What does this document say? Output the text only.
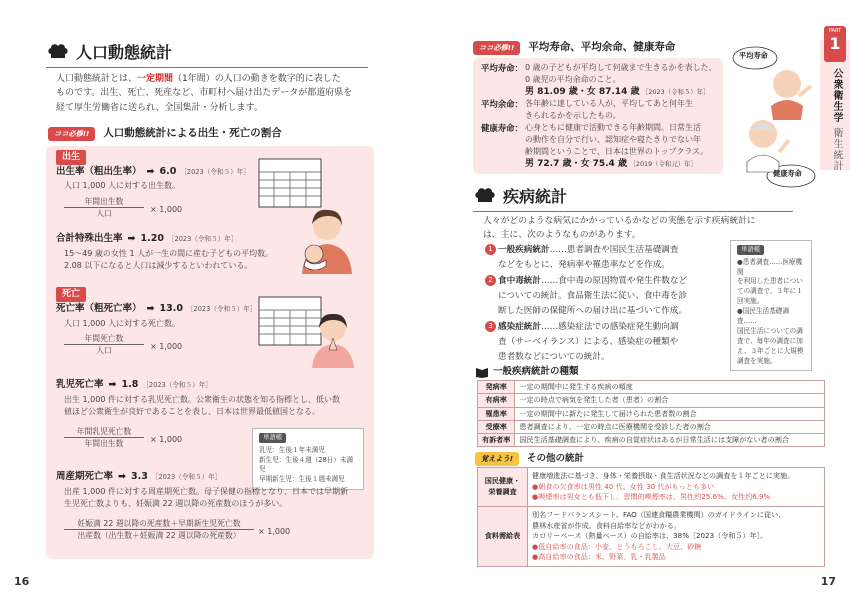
人口動態統計
人口動態統計とは、一定期間（1年間）の人口の動きを数字的に表した
ものです。出生、死亡、死産など、市町村へ届け出たデータが都道府県を
経て厚生労働省に送られ、全国集計・分析します。
ココ必修!!	人口動態統計による出生・死亡の割合
出生
出生率（粗出生率） ➡ 6.0 ［2023（令和５）年］
人口 1,000 人に対する出生数。
年間出生数
人口	× 1,000
合計特殊出生率 ➡ 1.20 ［2023（令和５）年］
15～49 歳の女性 1 人が一生の間に産む子どもの平均数。
2.08 以下になると人口は減少するといわれている。
死亡
死亡率（粗死亡率） ➡ 13.0 ［2023（令和５）年］
人口 1,000 人に対する死亡数。
年間死亡数
人口	× 1,000
乳児死亡率 ➡ 1.8 ［2023（令和５）年］
出生 1,000 件に対する乳児死亡数。公衆衛生の状態を知る指標とし、低い数
値ほど公衆衛生が良好であることを表し、日本は世界最低値国となる。
年間乳児死亡数
年間出生数	× 1,000	単語帳
乳児：生後１年未満児
新生児：生後４週（28日）未満児
早期新生児：生後１週未満児
周産期死亡率 ➡ 3.3 ［2023（令和５）年］
出産 1,000 件に対する周産期死亡数。母子保健の指標となり、日本では早期新
生児死亡数よりも、妊娠満 22 週以降の死産数のほうが多い。
妊娠満 22 週以降の死産数＋早期新生児死亡数
出産数（出生数＋妊娠満 22 週以降の死産数）	× 1,000
16
PART
1
公衆衛生学 衛生統計
ココ必修!!	平均寿命、平均余命、健康寿命
平均寿命： 0 歳の子どもが平均して何歳まで生きるかを表した、
0 歳児の平均余命のこと。
男 81.09 歳・女 87.14 歳 ［2023（令和５）年］
平均余命： 各年齢に達している人が、平均してあと何年生
きられるかを示したもの。
健康寿命： 心身ともに健康で活動できる年齢期間。日常生活
の動作を自分で行い、認知症や寝たきりでない年
齢期間ということで、日本は世界のトップクラス。
男 72.7 歳・女 75.4 歳 ［2019（令和元）年］
平均寿命
健康寿命
疾病統計
人々がどのような病気にかかっているかなどの実態を示す疾病統計に
は、主に、次のようなものがあります。
1 一般疾病統計……患者調査や国民生活基礎調査
などをもとに、発病率や罹患率などを作成。
2 食中毒統計……食中毒の原因物質や発生件数など
についての統計。食品衛生法に従い、食中毒を診
断した医師の保健所への届け出に基づいて作成。
3 感染症統計……感染症法での感染症発生動向調
査（サーベイランス）による、感染症の種類や
患者数などについての統計。
単語帳
●患者調査……医療機関
を利用した患者につい
ての調査で、３年に１
回実施。
●国民生活基礎調査……
国民生活についての調
査で、毎年の調査に加
え、３年ごとに大規模
調査を実施。
一般疾病統計の種類
発病率	一定の期間中に発生する疾病の頻度
有病率	一定の時点で病気を発生した者（患者）の割合
罹患率	一定の期間中に新たに発生して届けられた患者数の割合
受療率	患者調査により、一定の時点に医療機関を受診した者の割合
有訴者率	国民生活基礎調査により、疾病の自覚症状はあるが日常生活には支障がない者の割合
覚えよう!	その他の統計
国民健康・栄養調査	健康増進法に基づき、身体・栄養摂取・食生活状況などの調査を１年ごとに実施。
●朝食の欠食率は男性 40 代、女性 30 代がもっとも多い
●喫煙率は男女とも低下し、習慣的喫煙率は、男性約25.6%、女性約6.9%
食料需給表	別名フードバランスシート。FAO（国連食糧農業機関）のガイドラインに従い、
農林水産省が作成。食料自給率などがわかる。
カロリーベース（熱量ベース）の自給率は、38%［2023（令和５）年］。
●低自給率の食品：小麦、とうもろこし、大豆、砂糖
●高自給率の食品：米、野菜、乳・乳製品
17
